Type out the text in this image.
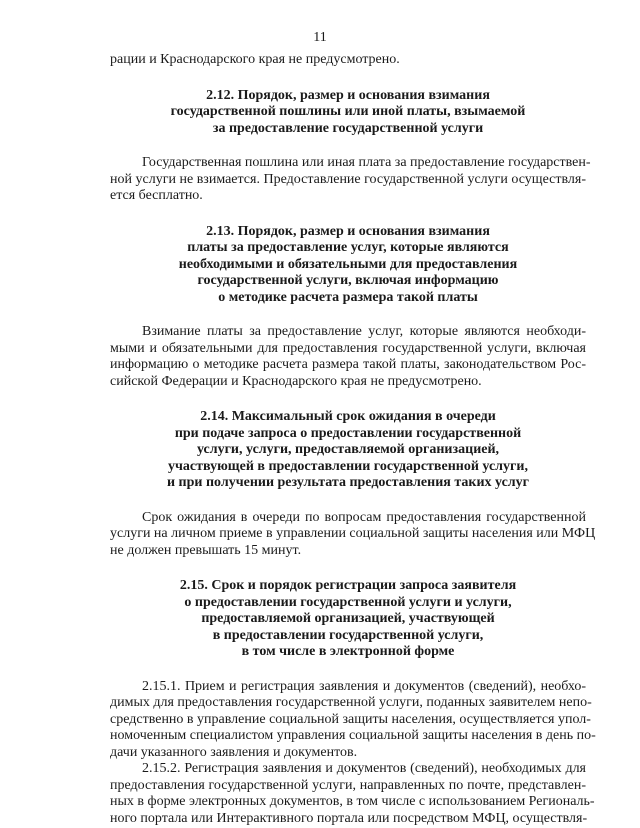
11
рации и Краснодарского края не предусмотрено.
2.12. Порядок, размер и основания взимания
государственной пошлины или иной платы, взымаемой
за предоставление государственной услуги
Государственная пошлина или иная плата за предоставление государствен-
ной услуги не взимается. Предоставление государственной услуги осуществля-
ется бесплатно.
2.13. Порядок, размер и основания взимания
платы за предоставление услуг, которые являются
необходимыми и обязательными для предоставления
государственной услуги, включая информацию
о методике расчета размера такой платы
Взимание платы за предоставление услуг, которые являются необходи-
мыми и обязательными для предоставления государственной услуги, включая
информацию о методике расчета размера такой платы, законодательством Рос-
сийской Федерации и Краснодарского края не предусмотрено.
2.14. Максимальный срок ожидания в очереди
при подаче запроса о предоставлении государственной
услуги, услуги, предоставляемой организацией,
участвующей в предоставлении государственной услуги,
и при получении результата предоставления таких услуг
Срок ожидания в очереди по вопросам предоставления государственной
услуги на личном приеме в управлении социальной защиты населения или МФЦ
не должен превышать 15 минут.
2.15. Срок и порядок регистрации запроса заявителя
о предоставлении государственной услуги и услуги,
предоставляемой организацией, участвующей
в предоставлении государственной услуги,
в том числе в электронной форме
2.15.1. Прием и регистрация заявления и документов (сведений), необхо-
димых для предоставления государственной услуги, поданных заявителем непо-
средственно в управление социальной защиты населения, осуществляется упол-
номоченным специалистом управления социальной защиты населения в день по-
дачи указанного заявления и документов.
2.15.2. Регистрация заявления и документов (сведений), необходимых для
предоставления государственной услуги, направленных по почте, представлен-
ных в форме электронных документов, в том числе с использованием Региональ-
ного портала или Интерактивного портала или посредством МФЦ, осуществля-
